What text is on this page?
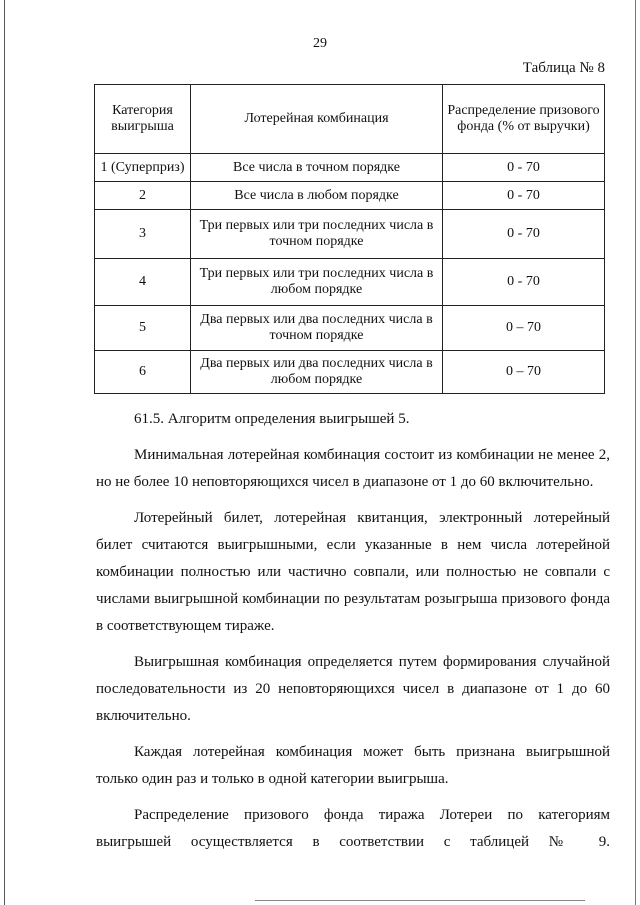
29
Таблица № 8
Категория выигрыша	Лотерейная комбинация	Распределение призового фонда (% от выручки)
1 (Суперприз)	Все числа в точном порядке	0 - 70
2	Все числа в любом порядке	0 - 70
3	Три первых или три последних числа в точном порядке	0 - 70
4	Три первых или три последних числа в любом порядке	0 - 70
5	Два первых или два последних числа в точном порядке	0 – 70
6	Два первых или два последних числа в любом порядке	0 – 70

61.5. Алгоритм определения выигрышей 5.

Минимальная лотерейная комбинация состоит из комбинации не менее 2, но не более 10 неповторяющихся чисел в диапазоне от 1 до 60 включительно.

Лотерейный билет, лотерейная квитанция, электронный лотерейный билет считаются выигрышными, если указанные в нем числа лотерейной комбинации полностью или частично совпали, или полностью не совпали с числами выигрышной комбинации по результатам розыгрыша призового фонда в соответствующем тираже.

Выигрышная комбинация определяется путем формирования случайной последовательности из 20 неповторяющихся чисел в диапазоне от 1 до 60 включительно.

Каждая лотерейная комбинация может быть признана выигрышной только один раз и только в одной категории выигрыша.

Распределение призового фонда тиража Лотереи по категориям выигрышей осуществляется в соответствии с таблицей № 9.
